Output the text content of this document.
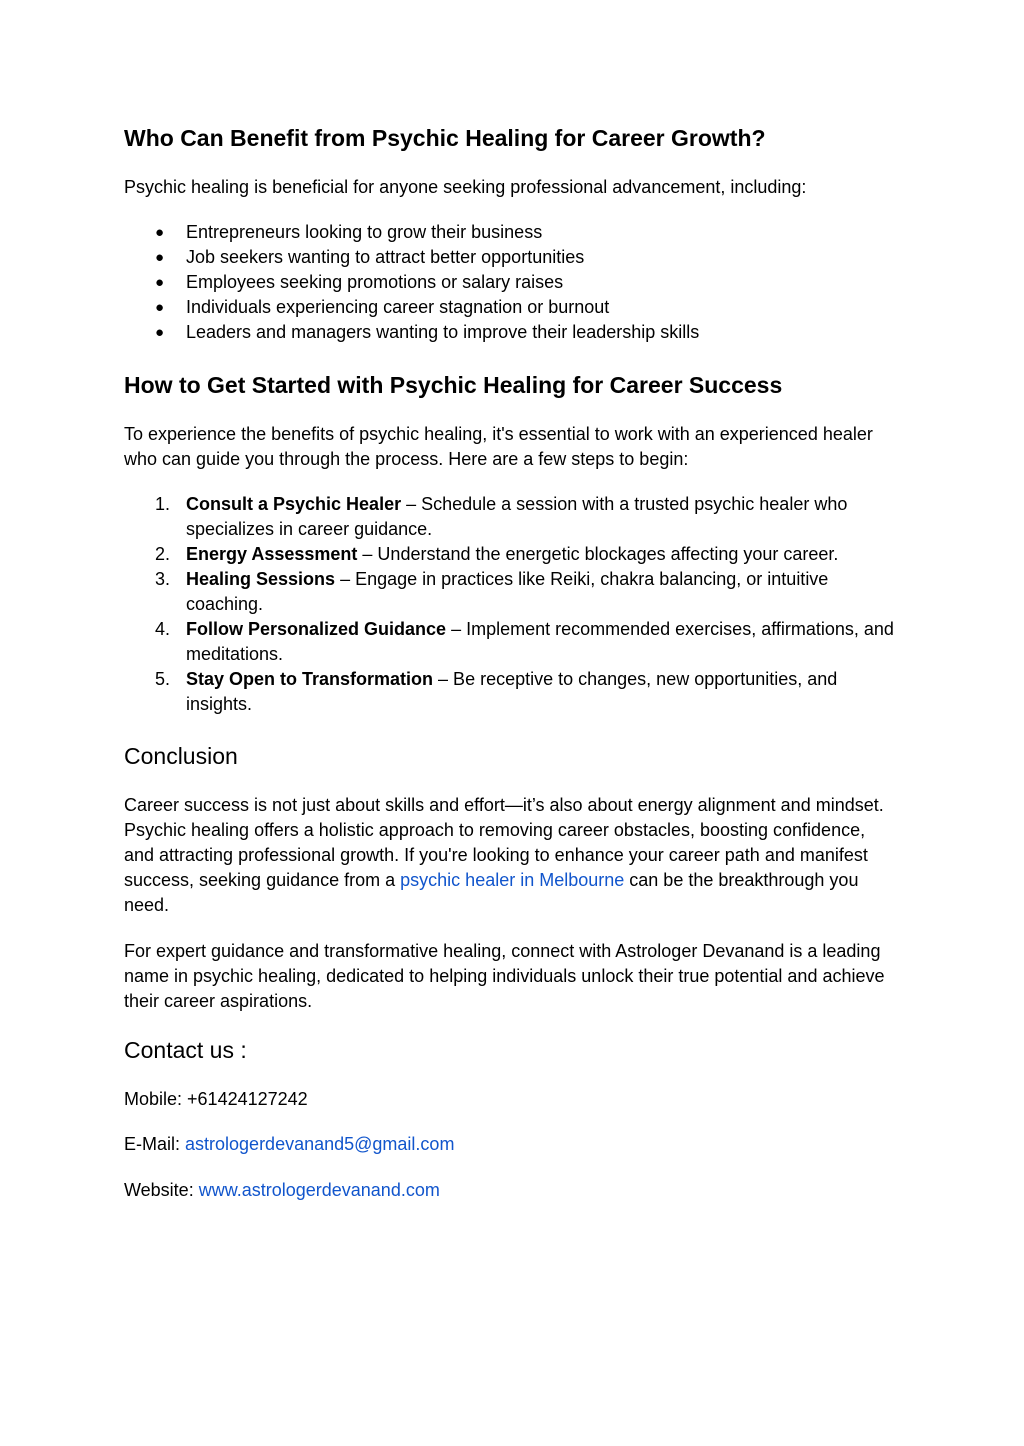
Who Can Benefit from Psychic Healing for Career Growth?

Psychic healing is beneficial for anyone seeking professional advancement, including:

● Entrepreneurs looking to grow their business
● Job seekers wanting to attract better opportunities
● Employees seeking promotions or salary raises
● Individuals experiencing career stagnation or burnout
● Leaders and managers wanting to improve their leadership skills
How to Get Started with Psychic Healing for Career Success

To experience the benefits of psychic healing, it's essential to work with an experienced healer who can guide you through the process. Here are a few steps to begin:

1. Consult a Psychic Healer – Schedule a session with a trusted psychic healer who specializes in career guidance.
2. Energy Assessment – Understand the energetic blockages affecting your career.
3. Healing Sessions – Engage in practices like Reiki, chakra balancing, or intuitive coaching.
4. Follow Personalized Guidance – Implement recommended exercises, affirmations, and meditations.
5. Stay Open to Transformation – Be receptive to changes, new opportunities, and insights.
Conclusion

Career success is not just about skills and effort—it’s also about energy alignment and mindset. Psychic healing offers a holistic approach to removing career obstacles, boosting confidence, and attracting professional growth. If you're looking to enhance your career path and manifest success, seeking guidance from a psychic healer in Melbourne can be the breakthrough you need.

For expert guidance and transformative healing, connect with Astrologer Devanand is a leading name in psychic healing, dedicated to helping individuals unlock their true potential and achieve their career aspirations.

Contact us :

Mobile: +61424127242

E-Mail: astrologerdevanand5@gmail.com

Website: www.astrologerdevanand.com
